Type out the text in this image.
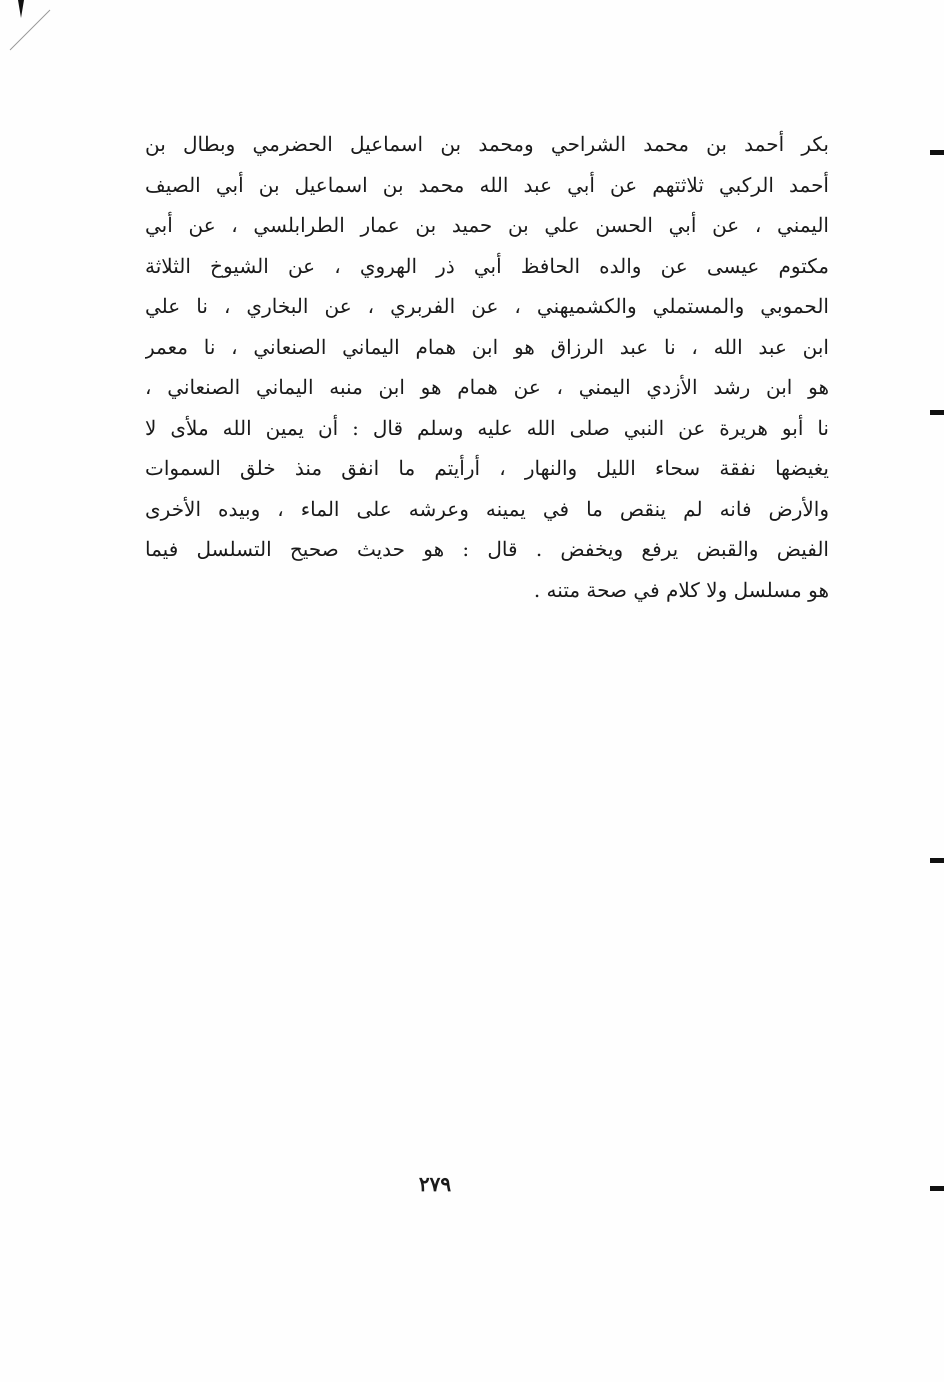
بكر أحمد بن محمد الشراحي ومحمد بن اسماعيل الحضرمي وبطال بن
أحمد الركبي ثلاثتهم عن أبي عبد الله محمد بن اسماعيل بن أبي الصيف
اليمني ، عن أبي الحسن علي بن حميد بن عمار الطرابلسي ، عن أبي
مكتوم عيسى عن والده الحافظ أبي ذر الهروي ، عن الشيوخ الثلاثة
الحموبي والمستملي والكشميهني ، عن الفربري ، عن البخاري ، نا علي
ابن عبد الله ، نا عبد الرزاق هو ابن همام اليماني الصنعاني ، نا معمر
هو ابن رشد الأزدي اليمني ، عن همام هو ابن منبه اليماني الصنعاني ،
نا أبو هريرة عن النبي صلى الله عليه وسلم قال : أن يمين الله ملأى لا
يغيضها نفقة سحاء الليل والنهار ، أرأيتم ما انفق منذ خلق السموات
والأرض فانه لم ينقص ما في يمينه وعرشه على الماء ، وبيده الأخرى
الفيض والقبض يرفع ويخفض . قال : هو حديث صحيح التسلسل فيما
هو مسلسل ولا كلام في صحة متنه .
٢٧٩
